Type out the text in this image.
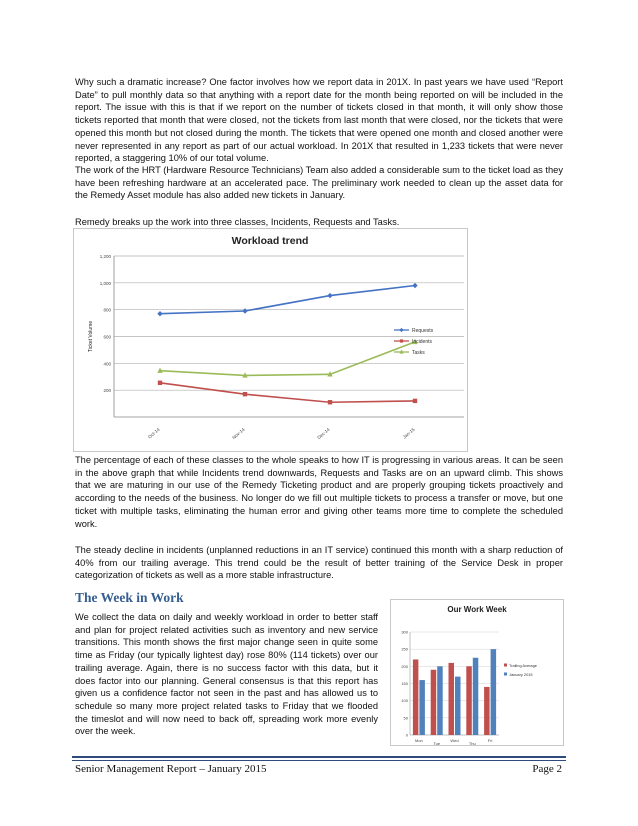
Why such a dramatic increase? One factor involves how we report data in 201X. In past years we have used “Report Date” to pull monthly data so that anything with a report date for the month being reported on will be included in the report. The issue with this is that if we report on the number of tickets closed in that month, it will only show those tickets reported that month that were closed, not the tickets from last month that were closed, nor the tickets that were opened this month but not closed during the month. The tickets that were opened one month and closed another were never represented in any report as part of our actual workload. In 201X that resulted in 1,233 tickets that were never reported, a staggering 10% of our total volume.

The work of the HRT (Hardware Resource Technicians) Team also added a considerable sum to the ticket load as they have been refreshing hardware at an accelerated pace. The preliminary work needed to clean up the asset data for the Remedy Asset module has also added new tickets in January.

Remedy breaks up the work into three classes, Incidents, Requests and Tasks.

Workload trend
200
400
600
800
1,000
1,200
Ticket Volume
Oct-14	Nov-14	Dec-14	Jan-15
Requests
Incidents
Tasks

The percentage of each of these classes to the whole speaks to how IT is progressing in various areas. It can be seen in the above graph that while Incidents trend downwards, Requests and Tasks are on an upward climb. This shows that we are maturing in our use of the Remedy Ticketing product and are properly grouping tickets proactively and according to the needs of the business. No longer do we fill out multiple tickets to process a transfer or move, but one ticket with multiple tasks, eliminating the human error and giving other teams more time to complete the scheduled work.

The steady decline in incidents (unplanned reductions in an IT service) continued this month with a sharp reduction of 40% from our trailing average. This trend could be the result of better training of the Service Desk in proper categorization of tickets as well as a more stable infrastructure.

The Week in Work

We collect the data on daily and weekly workload in order to better staff and plan for project related activities such as inventory and new service transitions. This month shows the first major change seen in quite some time as Friday (our typically lightest day) rose 80% (114 tickets) over our trailing average. Again, there is no success factor with this data, but it does factor into our planning. General consensus is that this report has given us a confidence factor not seen in the past and has allowed us to schedule so many more project related tasks to Friday that we flooded the timeslot and will now need to back off, spreading work more evenly over the week.

Our Work Week
0
50
100
150
200
250
300
Mon
Tue
Wed
Thu
Fri
Trailing Average
January 2015
Senior Management Report – January 2015	Page 2
